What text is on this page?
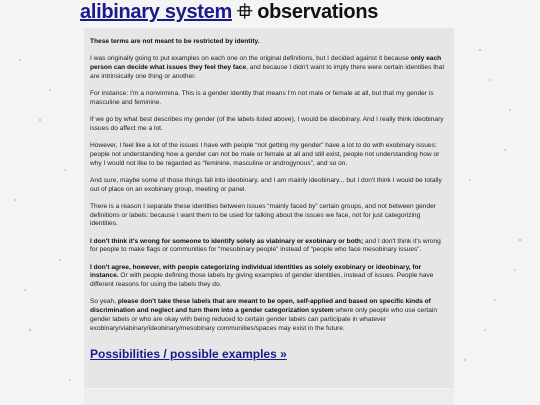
alibinary system ⯐ observations

These terms are not meant to be restricted by identity.

I was originally going to put examples on each one on the original definitions, but I decided against it because only each person can decide what issues they feel they face, and because I didn't want to imply there were certain identities that are intrinsically one thing or another.

For instance: I'm a nonvirmina. This is a gender identity that means I'm not male or female at all, but that my gender is masculine and feminine.

If we go by what best describes my gender (of the labels listed above), I would be ideobinary. And I really think ideobinary issues do affect me a lot.

However, I feel like a lot of the issues I have with people “not getting my gender” have a lot to do with exobinary issues: people not understanding how a gender can not be male or female at all and still exist, people not understanding how or why I would not like to be regarded as “feminine, masculine or androgynous”, and so on.

And sure, maybe some of those things fall into ideobinary, and I am mainly ideobinary... but I don't think I would be totally out of place on an exobinary group, meeting or panel.

There is a reason I separate these identities between issues “mainly faced by” certain groups, and not between gender definitions or labels: because I want them to be used for talking about the issues we face, not for just categorizing identities.

I don't think it's wrong for someone to identify solely as viabinary or exobinary or both; and I don't think it's wrong for people to make flags or communities for “mesobinary people” instead of “people who face mesobinary issues”.

I don't agree, however, with people categorizing individual identities as solely exobinary or ideobinary, for instance. Or with people defining those labels by giving examples of gender identities, instead of issues. People have different reasons for using the labels they do.

So yeah, please don't take these labels that are meant to be open, self-applied and based on specific kinds of discrimination and neglect and turn them into a gender categorization system where only people who use certain gender labels or who are okay with being reduced to certain gender labels can participate in whatever exobinary/viabinary/ideobinary/mesobinary communities/spaces may exist in the future.

Possibilities / possible examples »
